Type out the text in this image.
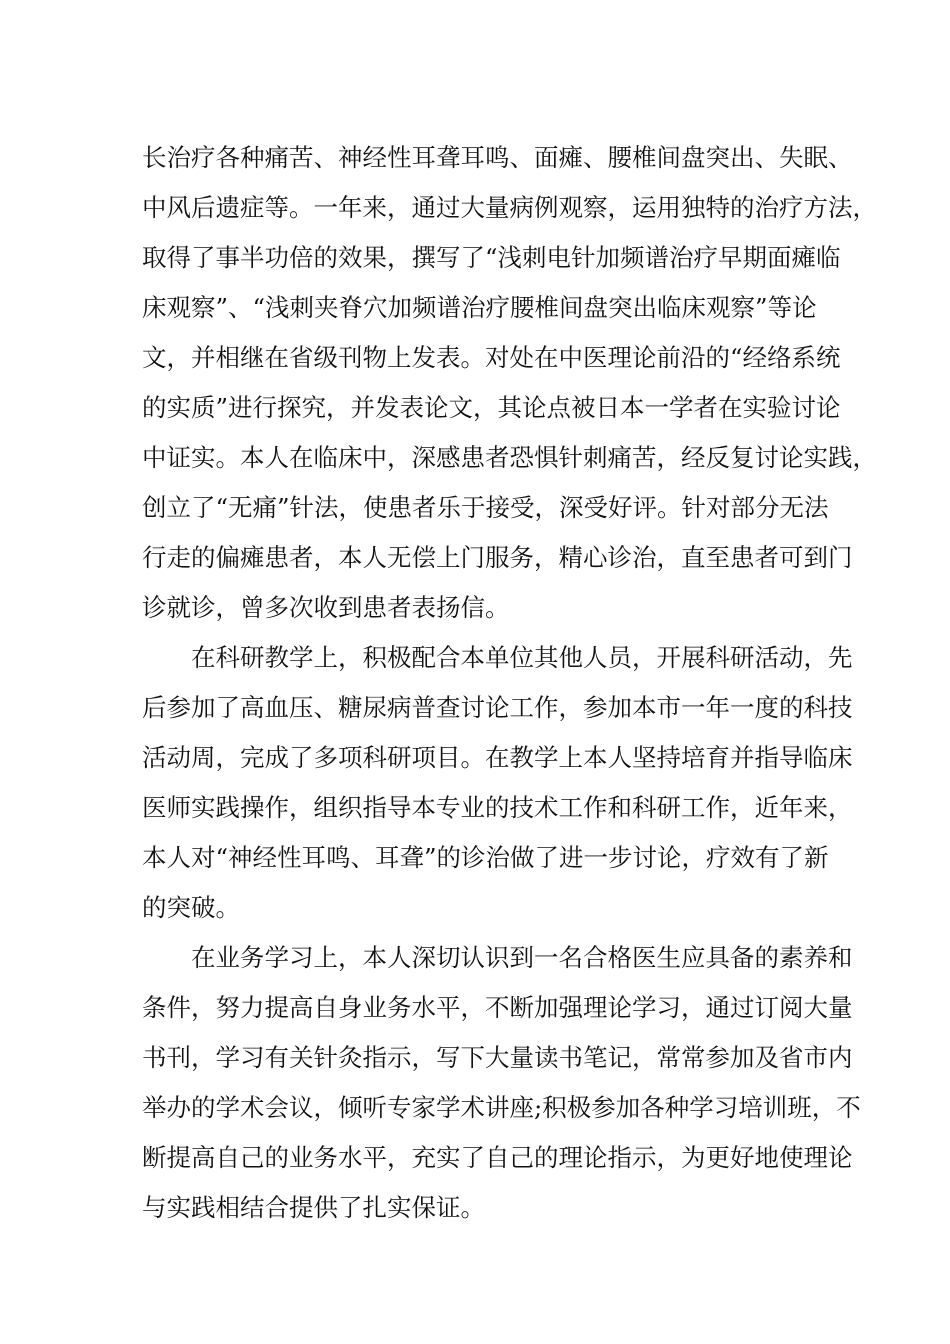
长治疗各种痛苦、神经性耳聋耳鸣、面瘫、腰椎间盘突出、失眠、
中风后遗症等。一年来，通过大量病例观察，运用独特的治疗方法，
取得了事半功倍的效果，撰写了“浅刺电针加频谱治疗早期面瘫临
床观察”、“浅刺夹脊穴加频谱治疗腰椎间盘突出临床观察”等论
文，并相继在省级刊物上发表。对处在中医理论前沿的“经络系统
的实质”进行探究，并发表论文，其论点被日本一学者在实验讨论
中证实。本人在临床中，深感患者恐惧针刺痛苦，经反复讨论实践，
创立了“无痛”针法，使患者乐于接受，深受好评。针对部分无法
行走的偏瘫患者，本人无偿上门服务，精心诊治，直至患者可到门
诊就诊，曾多次收到患者表扬信。
在科研教学上，积极配合本单位其他人员，开展科研活动，先
后参加了高血压、糖尿病普查讨论工作，参加本市一年一度的科技
活动周，完成了多项科研项目。在教学上本人坚持培育并指导临床
医师实践操作，组织指导本专业的技术工作和科研工作，近年来，
本人对“神经性耳鸣、耳聋”的诊治做了进一步讨论，疗效有了新
的突破。
在业务学习上，本人深切认识到一名合格医生应具备的素养和
条件，努力提高自身业务水平，不断加强理论学习，通过订阅大量
书刊，学习有关针灸指示，写下大量读书笔记，常常参加及省市内
举办的学术会议，倾听专家学术讲座;积极参加各种学习培训班，不
断提高自己的业务水平，充实了自己的理论指示，为更好地使理论
与实践相结合提供了扎实保证。
